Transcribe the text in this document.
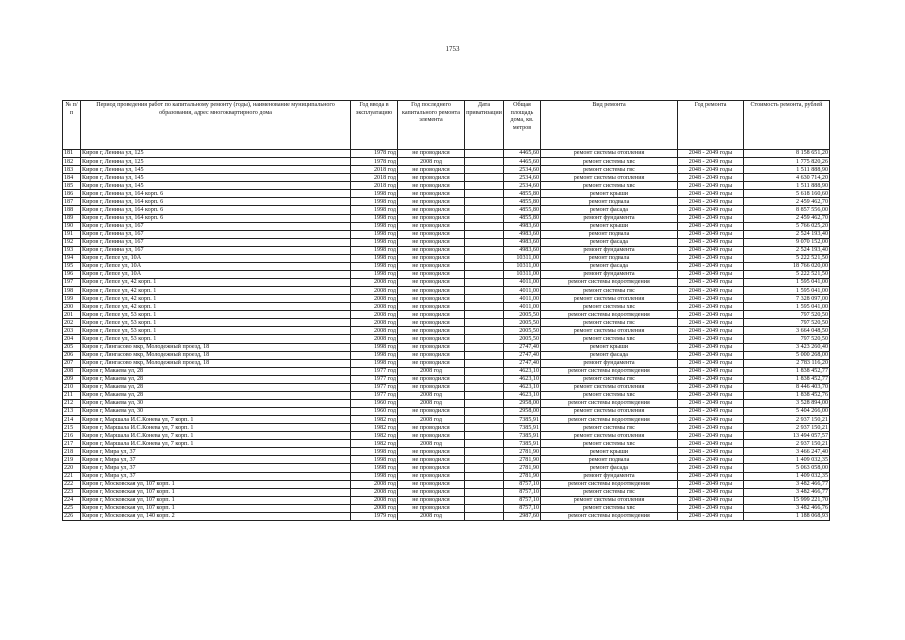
1753
№ п/п	Период проведения работ по капитальному ремонту (годы), наименование муниципального образования, адрес многоквартирного дома	Год ввода в эксплуатацию	Год последнего капитального ремонта элемента	Дата приватизации	Общая площадь дома, кв. метров	Вид ремонта	Год ремонта	Стоимость ремонта, рублей
181	Киров г, Ленина ул, 125	1978 год	не проводился		4465,60	ремонт системы отопления	2048 - 2049 годы	8 158 651,20
182	Киров г, Ленина ул, 125	1978 год	2008 год		4465,60	ремонт системы хвс	2048 - 2049 годы	1 775 820,26
183	Киров г, Ленина ул, 145	2018 год	не проводился		2534,60	ремонт системы гвс	2048 - 2049 годы	1 511 888,90
184	Киров г, Ленина ул, 145	2018 год	не проводился		2534,60	ремонт системы отопления	2048 - 2049 годы	4 630 714,20
185	Киров г, Ленина ул, 145	2018 год	не проводился		2534,60	ремонт системы хвс	2048 - 2049 годы	1 511 888,90
186	Киров г, Ленина ул, 164 корп. 6	1998 год	не проводился		4855,80	ремонт крыши	2048 - 2049 годы	5 618 160,60
187	Киров г, Ленина ул, 164 корп. 6	1998 год	не проводился		4855,80	ремонт подвала	2048 - 2049 годы	2 459 462,70
188	Киров г, Ленина ул, 164 корп. 6	1998 год	не проводился		4855,80	ремонт фасада	2048 - 2049 годы	8 857 556,00
189	Киров г, Ленина ул, 164 корп. 6	1998 год	не проводился		4855,80	ремонт фундамента	2048 - 2049 годы	2 459 462,70
190	Киров г, Ленина ул, 167	1998 год	не проводился		4983,60	ремонт крыши	2048 - 2049 годы	5 766 025,20
191	Киров г, Ленина ул, 167	1998 год	не проводился		4983,60	ремонт подвала	2048 - 2049 годы	2 524 193,40
192	Киров г, Ленина ул, 167	1998 год	не проводился		4983,60	ремонт фасада	2048 - 2049 годы	9 070 152,00
193	Киров г, Ленина ул, 167	1998 год	не проводился		4983,60	ремонт фундамента	2048 - 2049 годы	2 524 193,40
194	Киров г, Лепсе ул, 10А	1998 год	не проводился		10311,00	ремонт подвала	2048 - 2049 годы	5 222 521,50
195	Киров г, Лепсе ул, 10А	1998 год	не проводился		10311,00	ремонт фасада	2048 - 2049 годы	18 766 020,00
196	Киров г, Лепсе ул, 10А	1998 год	не проводился		10311,00	ремонт фундамента	2048 - 2049 годы	5 222 521,50
197	Киров г, Лепсе ул, 42 корп. 1	2008 год	не проводился		4011,00	ремонт системы водоотведения	2048 - 2049 годы	1 595 041,00
198	Киров г, Лепсе ул, 42 корп. 1	2008 год	не проводился		4011,00	ремонт системы гвс	2048 - 2049 годы	1 595 041,00
199	Киров г, Лепсе ул, 42 корп. 1	2008 год	не проводился		4011,00	ремонт системы отопления	2048 - 2049 годы	7 328 097,00
200	Киров г, Лепсе ул, 42 корп. 1	2008 год	не проводился		4011,00	ремонт системы хвс	2048 - 2049 годы	1 595 041,00
201	Киров г, Лепсе ул, 53 корп. 1	2008 год	не проводился		2005,50	ремонт системы водоотведения	2048 - 2049 годы	797 520,50
202	Киров г, Лепсе ул, 53 корп. 1	2008 год	не проводился		2005,50	ремонт системы гвс	2048 - 2049 годы	797 520,50
203	Киров г, Лепсе ул, 53 корп. 1	2008 год	не проводился		2005,50	ремонт системы отопления	2048 - 2049 годы	3 664 048,50
204	Киров г, Лепсе ул, 53 корп. 1	2008 год	не проводился		2005,50	ремонт системы хвс	2048 - 2049 годы	797 520,50
205	Киров г, Лянгасово мкр, Молодежный проезд, 18	1998 год	не проводился		2747,40	ремонт крыши	2048 - 2049 годы	3 423 260,40
206	Киров г, Лянгасово мкр, Молодежный проезд, 18	1998 год	не проводился		2747,40	ремонт фасада	2048 - 2049 годы	5 000 268,00
207	Киров г, Лянгасово мкр, Молодежный проезд, 18	1998 год	не проводился		2747,40	ремонт фундамента	2048 - 2049 годы	2 783 116,20
208	Киров г, Макаева ул, 28	1977 год	2008 год		4623,10	ремонт системы водоотведения	2048 - 2049 годы	1 838 452,77
209	Киров г, Макаева ул, 28	1977 год	не проводился		4623,10	ремонт системы гвс	2048 - 2049 годы	1 838 452,77
210	Киров г, Макаева ул, 28	1977 год	не проводился		4623,10	ремонт системы отопления	2048 - 2049 годы	8 446 403,70
211	Киров г, Макаева ул, 28	1977 год	2008 год		4623,10	ремонт системы хвс	2048 - 2049 годы	1 838 452,76
212	Киров г, Макаева ул, 30	1960 год	2008 год		2958,00	ремонт системы водоотведения	2048 - 2049 годы	3 528 894,00
213	Киров г, Макаева ул, 30	1960 год	не проводился		2958,00	ремонт системы отопления	2048 - 2049 годы	5 404 266,00
214	Киров г, Маршала И.С.Конева ул, 7 корп. 1	1982 год	2008 год		7385,91	ремонт системы водоотведения	2048 - 2049 годы	2 937 150,21
215	Киров г, Маршала И.С.Конева ул, 7 корп. 1	1982 год	не проводился		7385,91	ремонт системы гвс	2048 - 2049 годы	2 937 150,21
216	Киров г, Маршала И.С.Конева ул, 7 корп. 1	1982 год	не проводился		7385,91	ремонт системы отопления	2048 - 2049 годы	13 494 057,57
217	Киров г, Маршала И.С.Конева ул, 7 корп. 1	1982 год	2008 год		7385,91	ремонт системы хвс	2048 - 2049 годы	2 937 150,21
218	Киров г, Мира ул, 37	1998 год	не проводился		2781,90	ремонт крыши	2048 - 2049 годы	3 466 247,40
219	Киров г, Мира ул, 37	1998 год	не проводился		2781,90	ремонт подвала	2048 - 2049 годы	1 409 032,35
220	Киров г, Мира ул, 37	1998 год	не проводился		2781,90	ремонт фасада	2048 - 2049 годы	5 063 058,00
221	Киров г, Мира ул, 37	1998 год	не проводился		2781,90	ремонт фундамента	2048 - 2049 годы	1 409 032,35
222	Киров г, Московская ул, 107 корп. 1	2008 год	не проводился		8757,10	ремонт системы водоотведения	2048 - 2049 годы	3 482 466,77
223	Киров г, Московская ул, 107 корп. 1	2008 год	не проводился		8757,10	ремонт системы гвс	2048 - 2049 годы	3 482 466,77
224	Киров г, Московская ул, 107 корп. 1	2008 год	не проводился		8757,10	ремонт системы отопления	2048 - 2049 годы	15 999 221,70
225	Киров г, Московская ул, 107 корп. 1	2008 год	не проводился		8757,10	ремонт системы хвс	2048 - 2049 годы	3 482 466,76
226	Киров г, Московская ул, 140 корп. 2	1979 год	2008 год		2987,60	ремонт системы водоотведения	2048 - 2049 годы	1 188 068,93
